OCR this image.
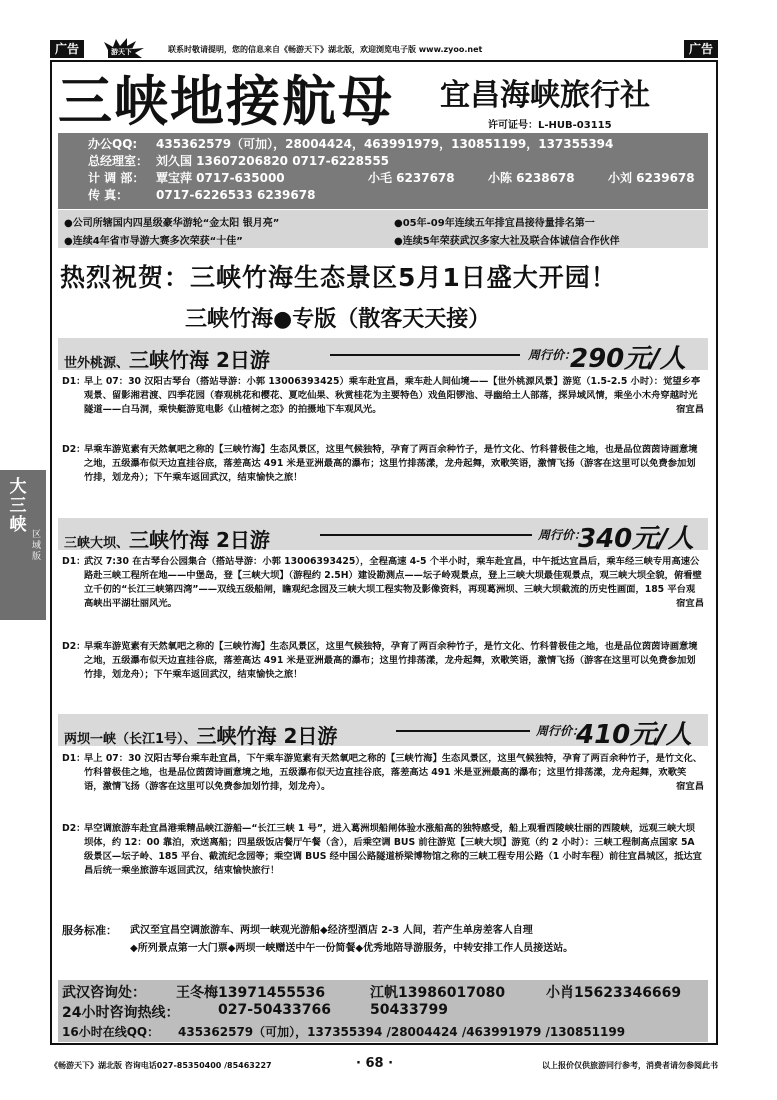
大三峡 区域版
广告	游天下	联系时敬请提明，您的信息来自《畅游天下》湖北版，欢迎浏览电子版 www.zyoo.net	广告
三峡地接航母 宜昌海峡旅行社
许可证号：L-HUB-03115
办公QQ: 435362579（可加），28004424，463991979，130851199，137355394
总经理室： 刘久国 13607206820 0717-6228555
计 调 部： 覃宝萍 0717-635000	小毛 6237678	小陈 6238678	小刘 6239678
传 真： 0717-6226533 6239678
●公司所辖国内四星级豪华游轮“金太阳 银月亮”	●05年-09年连续五年排宜昌接待量排名第一
●连续4年省市导游大赛多次荣获“十佳”	●连续5年荣获武汉多家大社及联合体诚信合作伙伴
热烈祝贺：三峡竹海生态景区5月1日盛大开园！
三峡竹海●专版（散客天天接）
世外桃源、三峡竹海 2日游	周行价：
290元/人
D1：
早上 07：30 汉阳古琴台（搭站导游：小郭 13006393425）乘车赴宜昌，乘车赴人间仙境——【世外桃源风景】游览（1.5-2.5 小时）：觉望乡亭观景、留影湘君渡、四季花园（春观桃花和樱花、夏吃仙果、秋赏桂花为主要特色）戏鱼阳锣池、寻幽给土人部落，探异域风情，乘坐小木舟穿越时光隧道——白马洞，乘快艇游览电影《山楂树之恋》的拍摄地下车观风光。	宿宜昌
D2：
早乘车游览素有天然氧吧之称的【三峡竹海】生态风景区，这里气候独特，孕育了两百余种竹子，是竹文化、竹科普极佳之地，也是品位茵茵诗画意境之地，五级瀑布似天边直挂谷底，落差高达 491 米是亚洲最高的瀑布；这里竹排荡漾，龙舟起舞，欢歌笑语，激情飞扬（游客在这里可以免费参加划竹排，划龙舟）；下午乘车返回武汉，结束愉快之旅！
三峡大坝、三峡竹海 2日游	周行价：
340元/人
D1：
武汉 7:30 在古琴台公园集合（搭站导游：小郭 13006393425），全程高速 4-5 个半小时，乘车赴宜昌，中午抵达宜昌后，乘车经三峡专用高速公路赴三峡工程所在地——中堡岛，登【三峡大坝】（游程约 2.5H）建设勘测点——坛子岭观景点，登上三峡大坝最佳观景点，观三峡大坝全貌，俯看壁立千仞的“长江三峡第四湾”——双线五级船闸，瞻观纪念园及三峡大坝工程实物及影像资料，再现葛洲坝、三峡大坝截流的历史性画面，185 平台观高峡出平湖壮丽风光。	宿宜昌
D2：
早乘车游览素有天然氧吧之称的【三峡竹海】生态风景区，这里气候独特，孕育了两百余种竹子，是竹文化、竹科普极佳之地，也是品位茵茵诗画意境之地，五级瀑布似天边直挂谷底，落差高达 491 米是亚洲最高的瀑布；这里竹排荡漾，龙舟起舞，欢歌笑语，激情飞扬（游客在这里可以免费参加划竹排，划龙舟）；下午乘车返回武汉，结束愉快之旅！
两坝一峡（长江1号）、三峡竹海 2日游	周行价：
410元/人
D1：
早上 07：30 汉阳古琴台乘车赴宜昌，下午乘车游览素有天然氧吧之称的【三峡竹海】生态风景区，这里气候独特，孕育了两百余种竹子，是竹文化、竹科普极佳之地，也是品位茵茵诗画意境之地，五级瀑布似天边直挂谷底，落差高达 491 米是亚洲最高的瀑布；这里竹排荡漾，龙舟起舞，欢歌笑语，激情飞扬（游客在这里可以免费参加划竹排，划龙舟）。	宿宜昌
D2：
早空调旅游车赴宜昌港乘精品峡江游船—“长江三峡 1 号”，进入葛洲坝船闸体验水涨船高的独特感受，船上观看西陵峡壮丽的西陵峡，远观三峡大坝坝体，约 12：00 靠泊，欢送离船；四星级饭店餐厅午餐（含），后乘空调 BUS 前往游览【三峡大坝】游览（约 2 小时）：三峡工程制高点国家 5A 级景区—坛子岭、185 平台、截流纪念园等；乘空调 BUS 经中国公路隧道桥梁博物馆之称的三峡工程专用公路（1 小时车程）前往宜昌城区，抵达宜昌后统一乘坐旅游车返回武汉，结束愉快旅行！
服务标准： 武汉至宜昌空调旅游车、两坝一峡观光游船◆经济型酒店 2-3 人间，若产生单房差客人自理
◆所列景点第一大门票◆两坝一峡赠送中午一份简餐◆优秀地陪导游服务，中转安排工作人员接送站。
武汉咨询处： 王冬梅13971455536	江帆13986017080	小肖15623346669
24小时咨询热线：	027-50433766	50433799
16小时在线QQ： 435362579（可加），137355394 /28004424 /463991979 /130851199
《畅游天下》湖北版 咨询电话027-85350400 /85463227	· 68 ·	以上报价仅供旅游同行参考，消费者请勿参阅此书
